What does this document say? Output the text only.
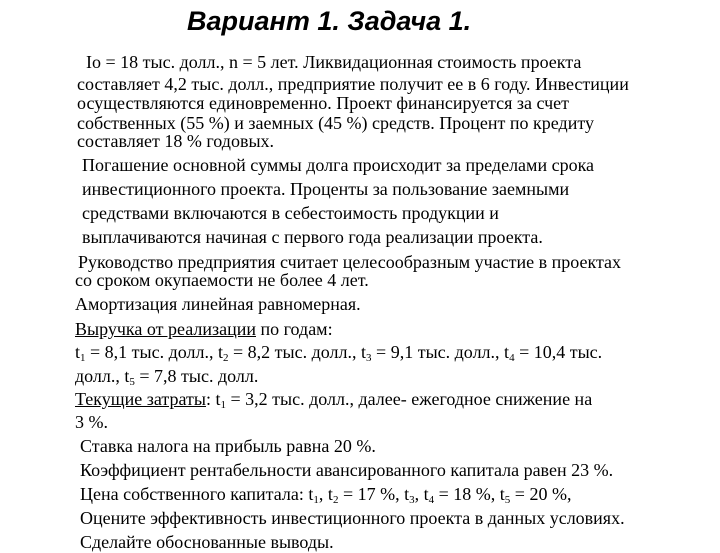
Вариант 1. Задача 1.
Io = 18 тыс. долл., n = 5 лет. Ликвидационная стоимость проекта
составляет 4,2 тыс. долл., предприятие получит ее в 6 году. Инвестиции
осуществляются единовременно. Проект финансируется за счет
собственных (55 %) и заемных (45 %) средств. Процент по кредиту
составляет 18 % годовых.
Погашение основной суммы долга происходит за пределами срока
инвестиционного проекта. Проценты за пользование заемными
средствами включаются в себестоимость продукции и
выплачиваются начиная с первого года реализации проекта.
Руководство предприятия считает целесообразным участие в проектах
со сроком окупаемости не более 4 лет.
Амортизация линейная равномерная.
Выручка от реализации по годам:
$t_1 = 8,1$ тыс. долл., $t_2 = 8,2$ тыс. долл., $t_3 = 9,1$ тыс. долл., $t_4 = 10,4$ тыс.
долл., $t_5 = 7,8$ тыс. долл.
Текущие затраты: $t_1 = 3,2$ тыс. долл., далее- ежегодное снижение на
3 %.
Ставка налога на прибыль равна 20 %.
Коэффициент рентабельности авансированного капитала равен 23 %.
Цена собственного капитала: $t_1$, $t_2 = 17$ %, $t_3$, $t_4 = 18$ %, $t_5 = 20$ %,
Оцените эффективность инвестиционного проекта в данных условиях.
Сделайте обоснованные выводы.
